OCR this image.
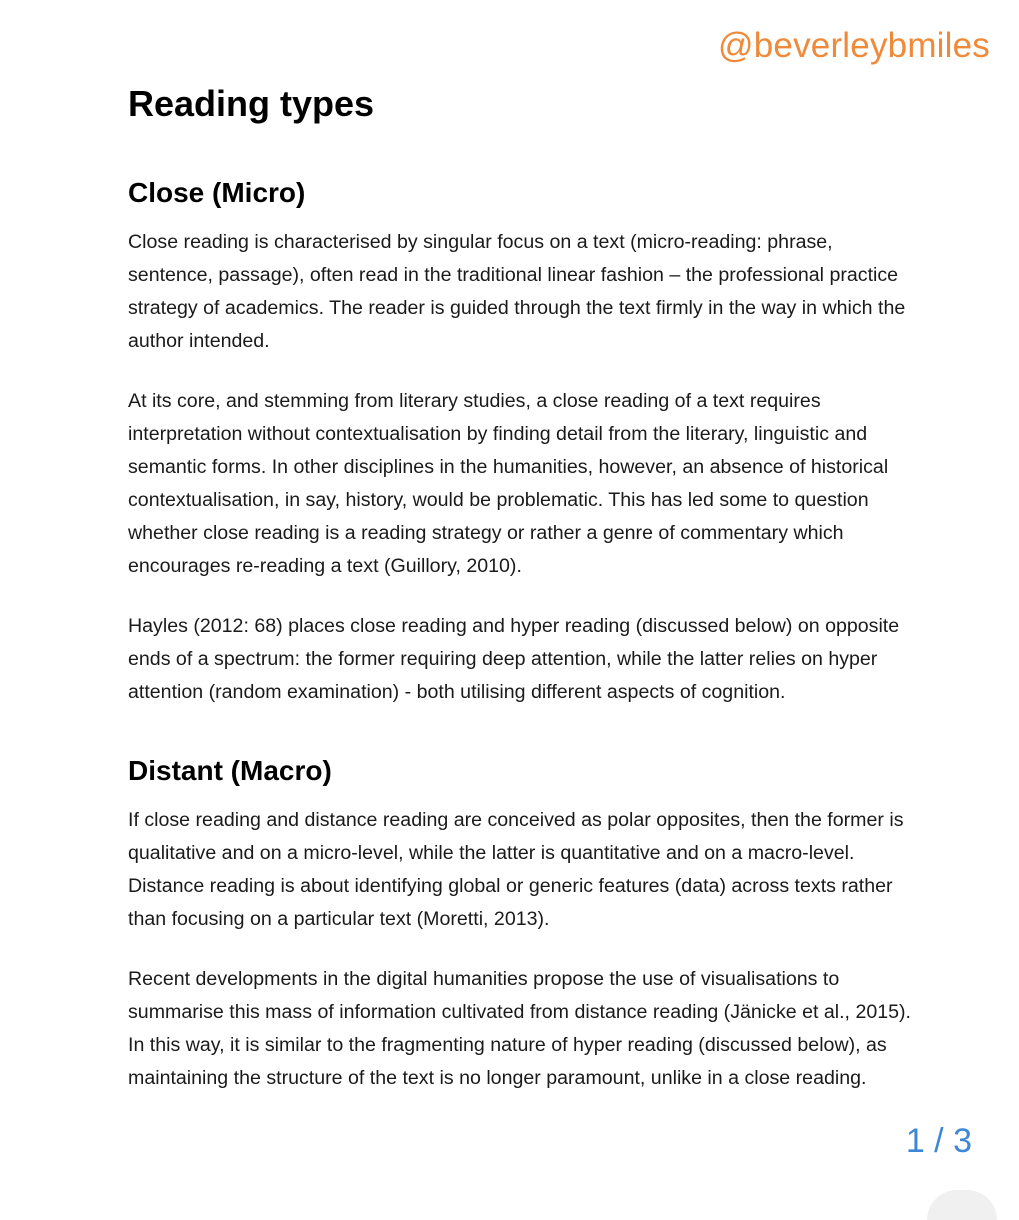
@beverleybmiles
Reading types
Close (Micro)

Close reading is characterised by singular focus on a text (micro-reading: phrase, sentence, passage), often read in the traditional linear fashion – the professional practice strategy of academics. The reader is guided through the text firmly in the way in which the author intended.

At its core, and stemming from literary studies, a close reading of a text requires interpretation without contextualisation by finding detail from the literary, linguistic and semantic forms. In other disciplines in the humanities, however, an absence of historical contextualisation, in say, history, would be problematic. This has led some to question whether close reading is a reading strategy or rather a genre of commentary which encourages re-reading a text (Guillory, 2010).

Hayles (2012: 68) places close reading and hyper reading (discussed below) on opposite ends of a spectrum: the former requiring deep attention, while the latter relies on hyper attention (random examination) - both utilising different aspects of cognition.

Distant (Macro)

If close reading and distance reading are conceived as polar opposites, then the former is qualitative and on a micro-level, while the latter is quantitative and on a macro-level. Distance reading is about identifying global or generic features (data) across texts rather than focusing on a particular text (Moretti, 2013).

Recent developments in the digital humanities propose the use of visualisations to summarise this mass of information cultivated from distance reading (Jänicke et al., 2015). In this way, it is similar to the fragmenting nature of hyper reading (discussed below), as maintaining the structure of the text is no longer paramount, unlike in a close reading.

1 / 3
